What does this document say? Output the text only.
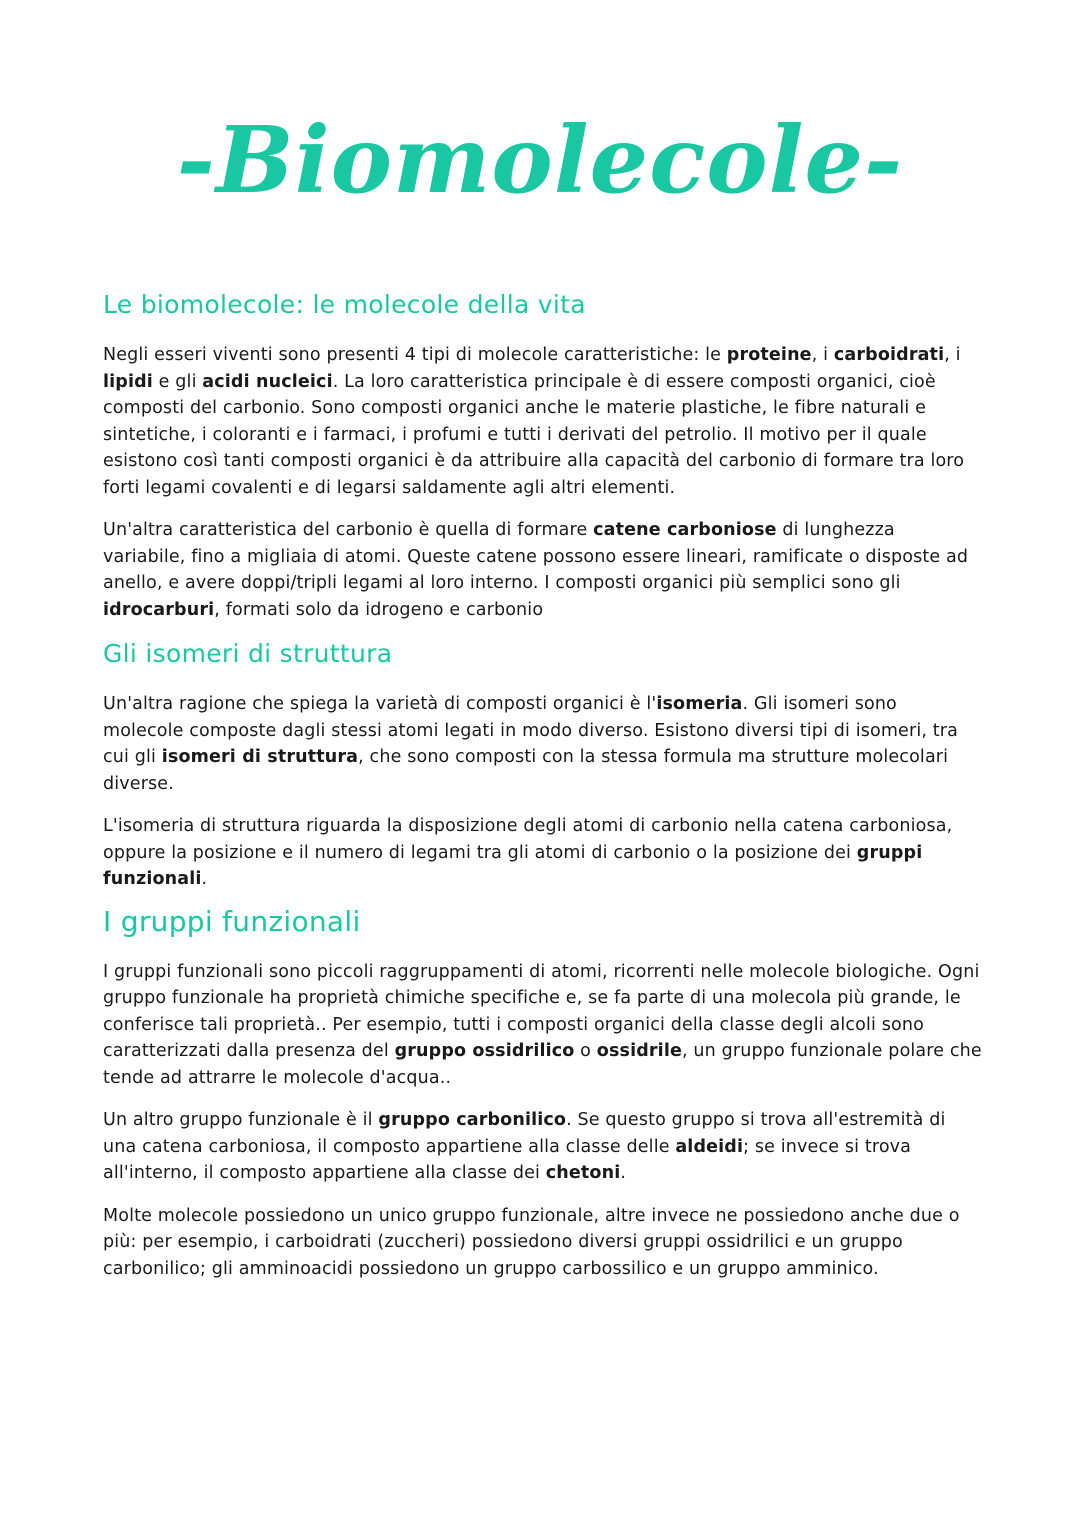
-Biomolecole-
Le biomolecole: le molecole della vita

Negli esseri viventi sono presenti 4 tipi di molecole caratteristiche: le proteine, i carboidrati, i lipidi e gli acidi nucleici. La loro caratteristica principale è di essere composti organici, cioè composti del carbonio. Sono composti organici anche le materie plastiche, le fibre naturali e sintetiche, i coloranti e i farmaci, i profumi e tutti i derivati del petrolio. Il motivo per il quale esistono così tanti composti organici è da attribuire alla capacità del carbonio di formare tra loro forti legami covalenti e di legarsi saldamente agli altri elementi.

Un'altra caratteristica del carbonio è quella di formare catene carboniose di lunghezza variabile, fino a migliaia di atomi. Queste catene possono essere lineari, ramificate o disposte ad anello, e avere doppi/tripli legami al loro interno. I composti organici più semplici sono gli idrocarburi, formati solo da idrogeno e carbonio

Gli isomeri di struttura

Un'altra ragione che spiega la varietà di composti organici è l'isomeria. Gli isomeri sono molecole composte dagli stessi atomi legati in modo diverso. Esistono diversi tipi di isomeri, tra cui gli isomeri di struttura, che sono composti con la stessa formula ma strutture molecolari diverse.

L'isomeria di struttura riguarda la disposizione degli atomi di carbonio nella catena carboniosa, oppure la posizione e il numero di legami tra gli atomi di carbonio o la posizione dei gruppi funzionali.

I gruppi funzionali

I gruppi funzionali sono piccoli raggruppamenti di atomi, ricorrenti nelle molecole biologiche. Ogni gruppo funzionale ha proprietà chimiche specifiche e, se fa parte di una molecola più grande, le conferisce tali proprietà.. Per esempio, tutti i composti organici della classe degli alcoli sono caratterizzati dalla presenza del gruppo ossidrilico o ossidrile, un gruppo funzionale polare che tende ad attrarre le molecole d'acqua..

Un altro gruppo funzionale è il gruppo carbonilico. Se questo gruppo si trova all'estremità di una catena carboniosa, il composto appartiene alla classe delle aldeidi; se invece si trova all'interno, il composto appartiene alla classe dei chetoni.

Molte molecole possiedono un unico gruppo funzionale, altre invece ne possiedono anche due o più: per esempio, i carboidrati (zuccheri) possiedono diversi gruppi ossidrilici e un gruppo carbonilico; gli amminoacidi possiedono un gruppo carbossilico e un gruppo amminico.
